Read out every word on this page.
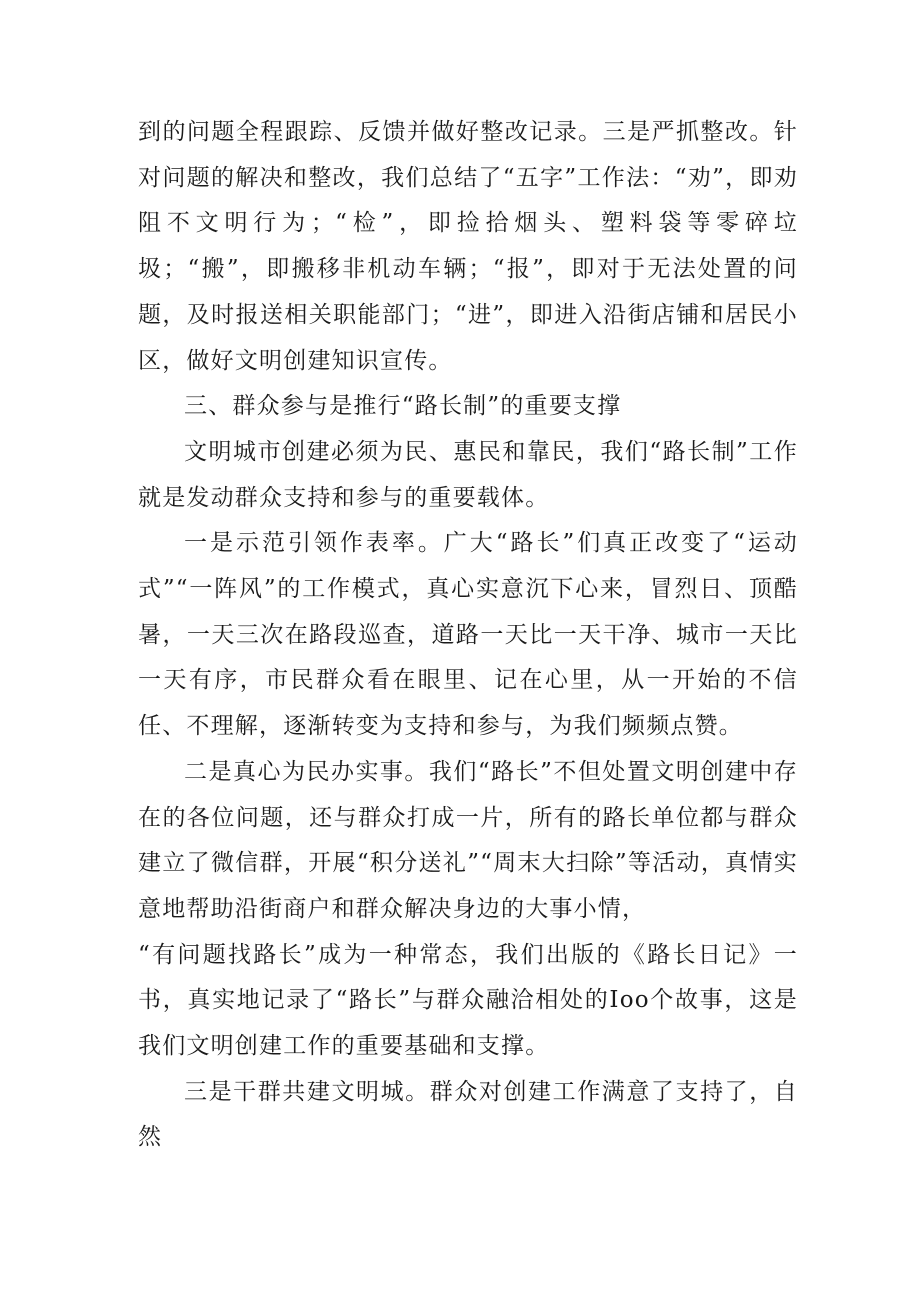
到的问题全程跟踪、反馈并做好整改记录。三是严抓整改。针对问题的解决和整改，我们总结了“五字”工作法：“劝”，即劝阻不文明行为；“检”，即捡拾烟头、塑料袋等零碎垃圾；“搬”，即搬移非机动车辆；“报”，即对于无法处置的问题，及时报送相关职能部门；“进”，即进入沿街店铺和居民小区，做好文明创建知识宣传。

三、群众参与是推行“路长制”的重要支撑

文明城市创建必须为民、惠民和靠民，我们“路长制”工作就是发动群众支持和参与的重要载体。

一是示范引领作表率。广大“路长”们真正改变了“运动式”“一阵风”的工作模式，真心实意沉下心来，冒烈日、顶酷暑，一天三次在路段巡查，道路一天比一天干净、城市一天比一天有序，市民群众看在眼里、记在心里，从一开始的不信任、不理解，逐渐转变为支持和参与，为我们频频点赞。

二是真心为民办实事。我们“路长”不但处置文明创建中存在的各位问题，还与群众打成一片，所有的路长单位都与群众建立了微信群，开展“积分送礼”“周末大扫除”等活动，真情实意地帮助沿街商户和群众解决身边的大事小情，

“有问题找路长”成为一种常态，我们出版的《路长日记》一书，真实地记录了“路长”与群众融洽相处的Ioo个故事，这是我们文明创建工作的重要基础和支撑。

三是干群共建文明城。群众对创建工作满意了支持了，自然
